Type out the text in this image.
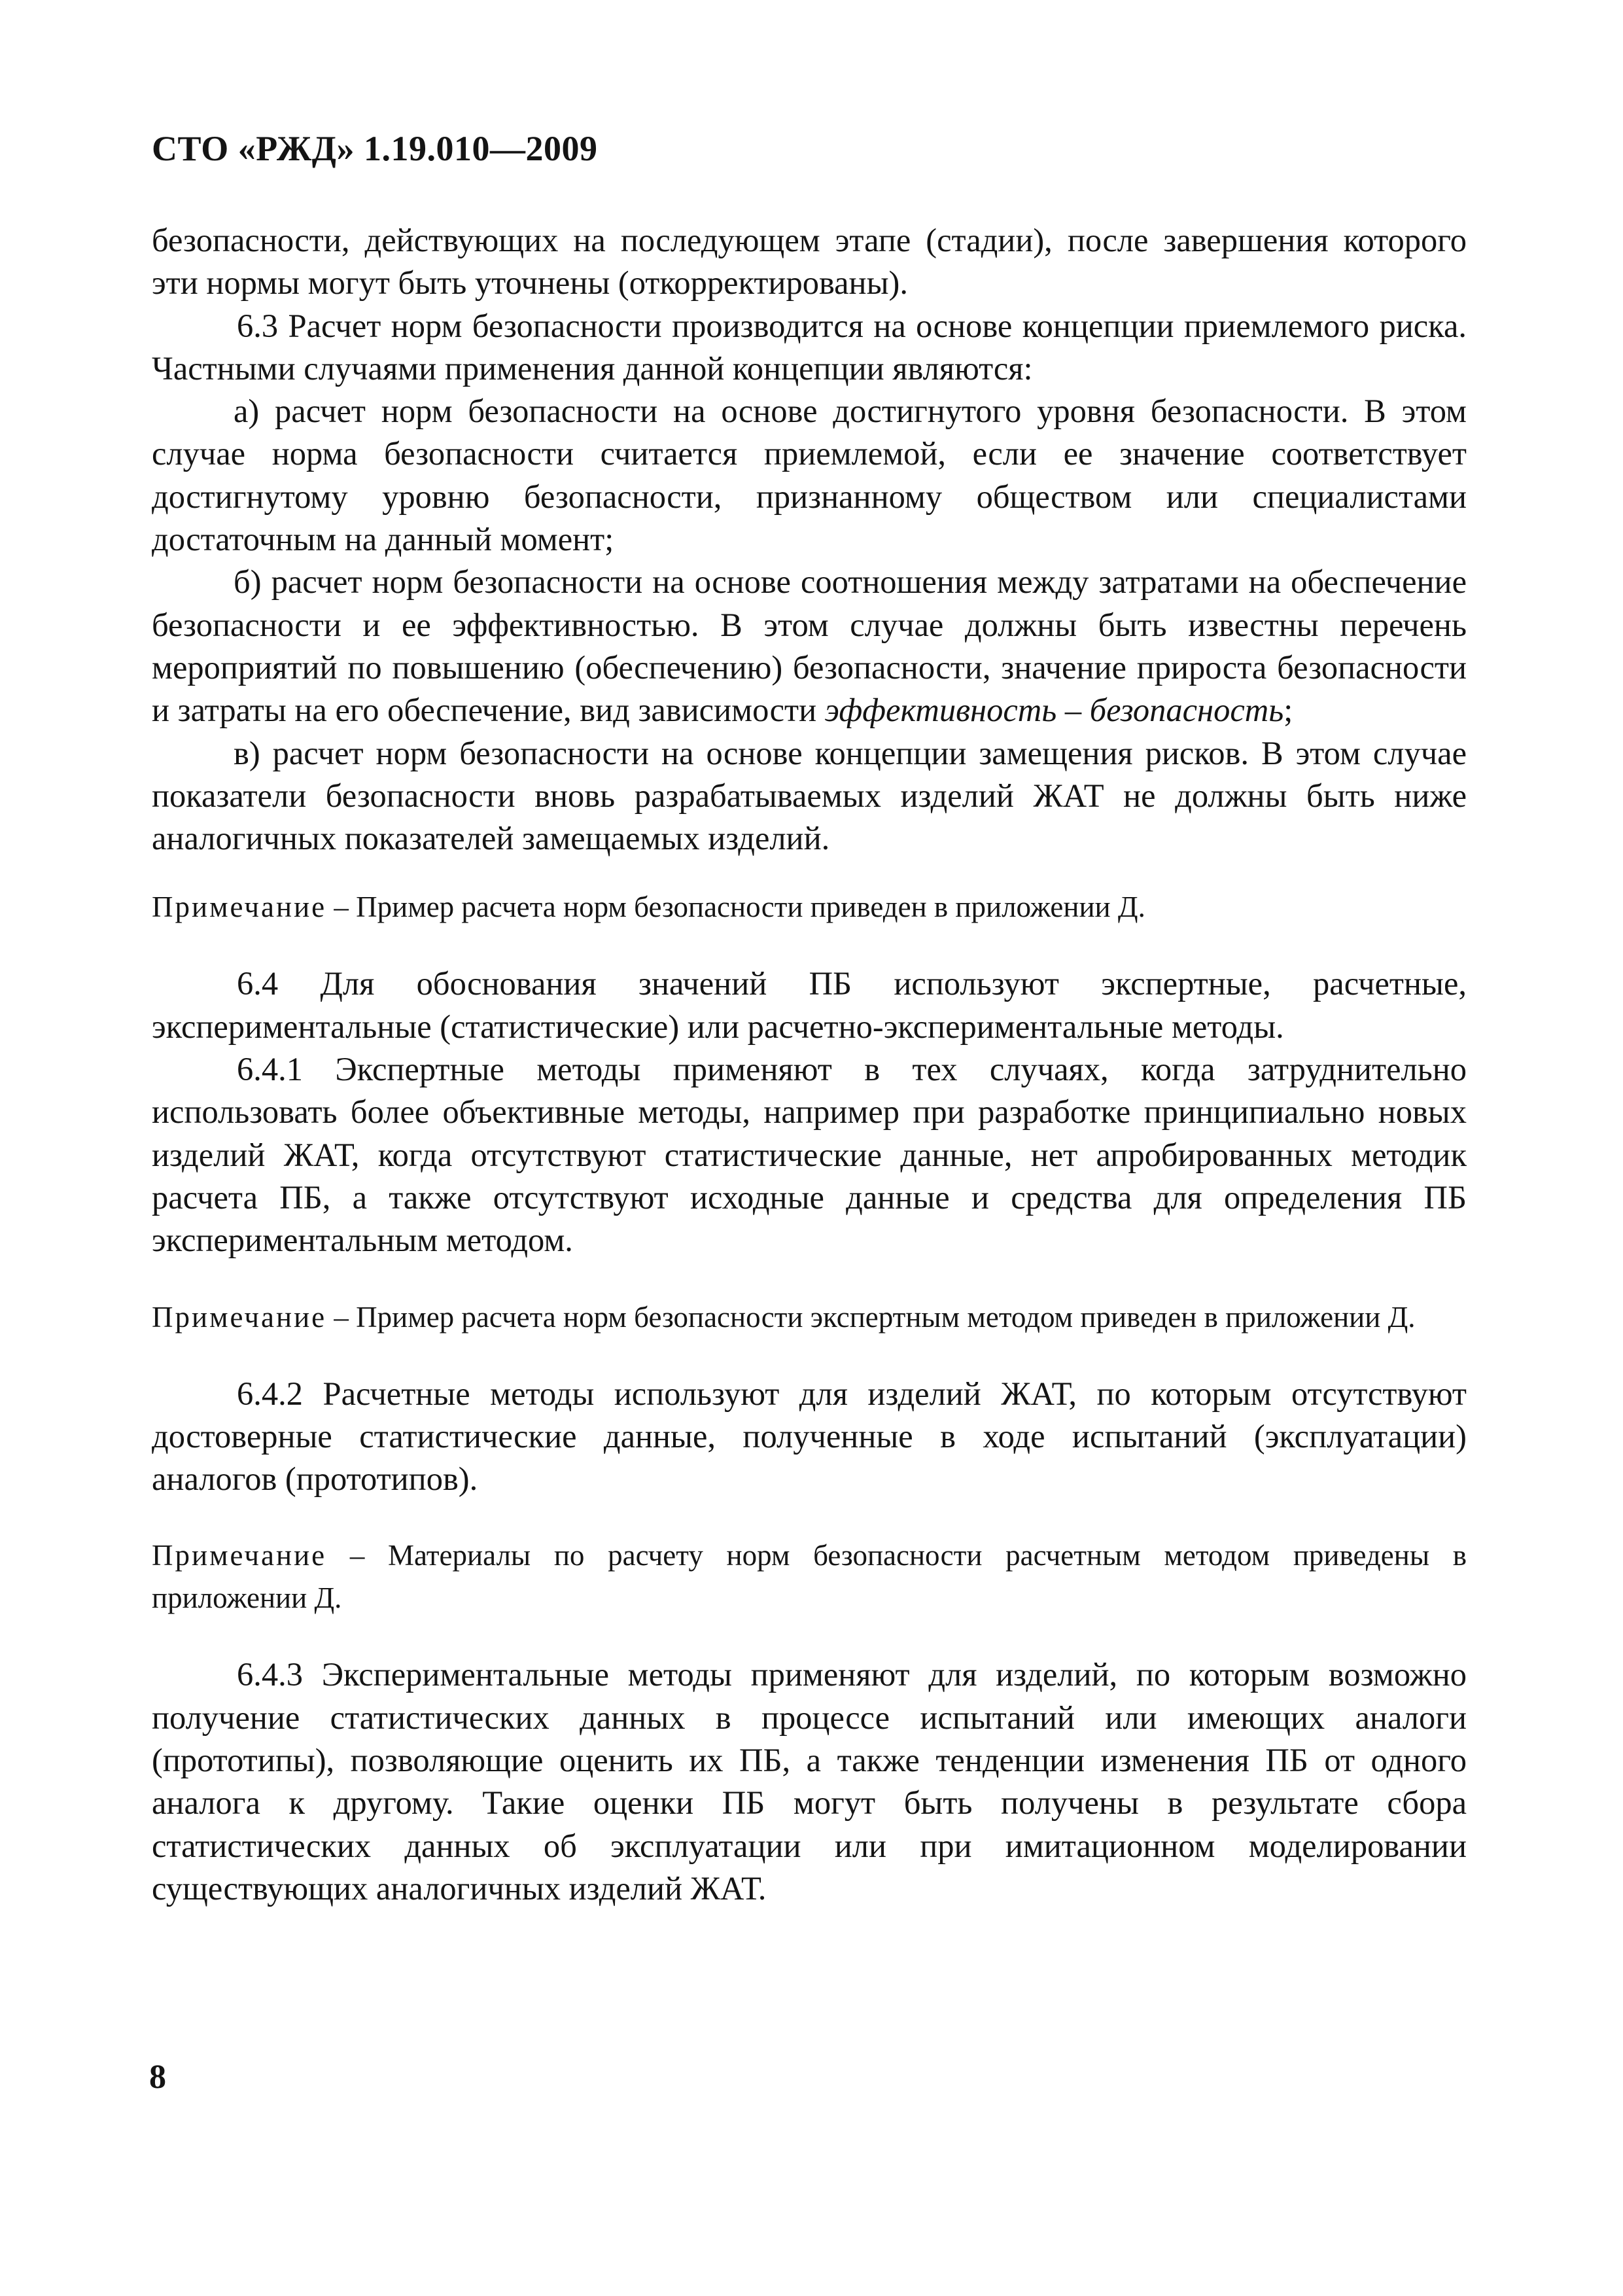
СТО «РЖД» 1.19.010—2009

безопасности, действующих на последующем этапе (стадии), после завершения которого эти нормы могут быть уточнены (откорректированы).

6.3 Расчет норм безопасности производится на основе концепции приемлемого риска. Частными случаями применения данной концепции являются:

а) расчет норм безопасности на основе достигнутого уровня безопасности. В этом случае норма безопасности считается приемлемой, если ее значение соответствует достигнутому уровню безопасности, признанному обществом или специалистами достаточным на данный момент;

б) расчет норм безопасности на основе соотношения между затратами на обеспечение безопасности и ее эффективностью. В этом случае должны быть известны перечень мероприятий по повышению (обеспечению) безопасности, значение прироста безопасности и затраты на его обеспечение, вид зависимости эффективность – безопасность;

в) расчет норм безопасности на основе концепции замещения рисков. В этом случае показатели безопасности вновь разрабатываемых изделий ЖАТ не должны быть ниже аналогичных показателей замещаемых изделий.

Примечание – Пример расчета норм безопасности приведен в приложении Д.

6.4 Для обоснования значений ПБ используют экспертные, расчетные, экспериментальные (статистические) или расчетно-экспериментальные методы.

6.4.1 Экспертные методы применяют в тех случаях, когда затруднительно использовать более объективные методы, например при разработке принципиально новых изделий ЖАТ, когда отсутствуют статистические данные, нет апробированных методик расчета ПБ, а также отсутствуют исходные данные и средства для определения ПБ экспериментальным методом.

Примечание – Пример расчета норм безопасности экспертным методом приведен в приложении Д.

6.4.2 Расчетные методы используют для изделий ЖАТ, по которым отсутствуют достоверные статистические данные, полученные в ходе испытаний (эксплуатации) аналогов (прототипов).

Примечание – Материалы по расчету норм безопасности расчетным методом приведены в приложении Д.

6.4.3 Экспериментальные методы применяют для изделий, по которым возможно получение статистических данных в процессе испытаний или имеющих аналоги (прототипы), позволяющие оценить их ПБ, а также тенденции изменения ПБ от одного аналога к другому. Такие оценки ПБ могут быть получены в результате сбора статистических данных об эксплуатации или при имитационном моделировании существующих аналогичных изделий ЖАТ.

8
